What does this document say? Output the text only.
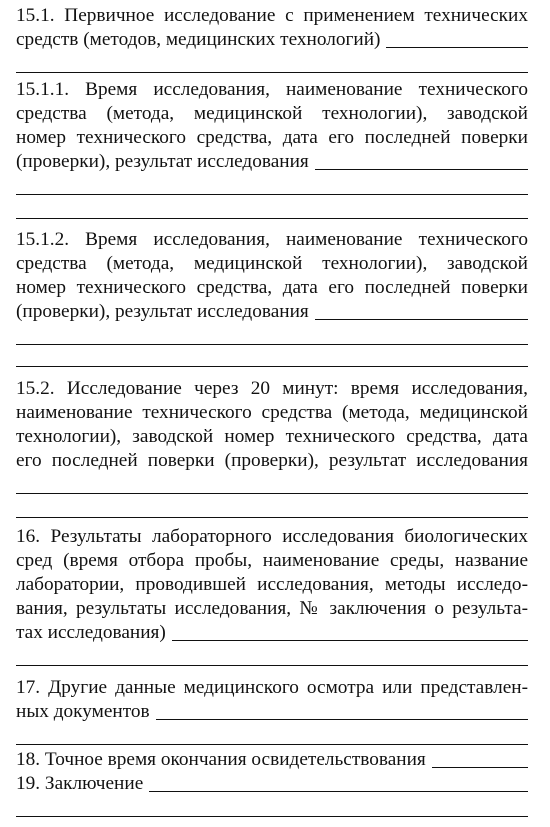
15.1. Первичное исследование с применением технических
средств (методов, медицинских технологий)
15.1.1. Время исследования, наименование технического
средства (метода, медицинской технологии), заводской
номер технического средства, дата его последней поверки
(проверки), результат исследования
15.1.2. Время исследования, наименование технического
средства (метода, медицинской технологии), заводской
номер технического средства, дата его последней поверки
(проверки), результат исследования
15.2. Исследование через 20 минут: время исследования,
наименование технического средства (метода, медицинской
технологии), заводской номер технического средства, дата
его последней поверки (проверки), результат исследования
16. Результаты лабораторного исследования биологических
сред (время отбора пробы, наименование среды, название
лаборатории, проводившей исследования, методы исследо-
вания, результаты исследования, № заключения о результа-
тах исследования)
17. Другие данные медицинского осмотра или представлен-
ных документов
18. Точное время окончания освидетельствования
19. Заключение
